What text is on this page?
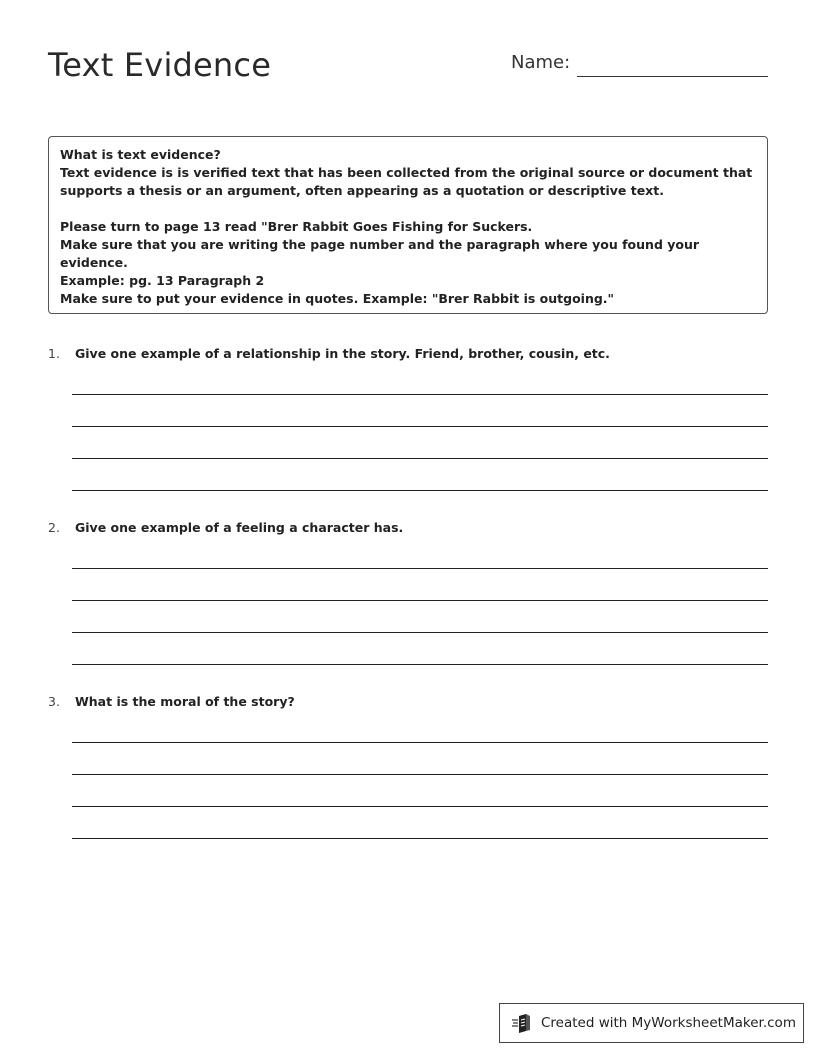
Text Evidence	Name:

What is text evidence?

Text evidence is is verified text that has been collected from the original source or document that supports a thesis or an argument, often appearing as a quotation or descriptive text.

Please turn to page 13 read "Brer Rabbit Goes Fishing for Suckers.

Make sure that you are writing the page number and the paragraph where you found your evidence.

Example: pg. 13 Paragraph 2

Make sure to put your evidence in quotes. Example: "Brer Rabbit is outgoing."

1. Give one example of a relationship in the story. Friend, brother, cousin, etc.
2. Give one example of a feeling a character has.
3. What is the moral of the story?
Created with MyWorksheetMaker.com
